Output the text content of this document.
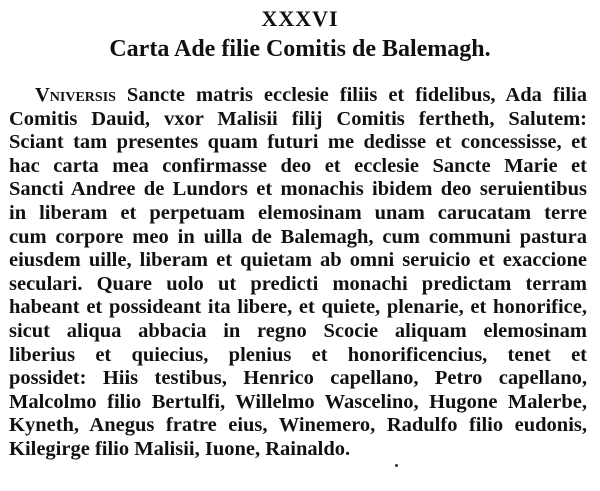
XXXVI
Carta Ade filie Comitis de Balemagh.
Vniversis Sancte matris ecclesie filiis et fidelibus, Ada filia
Comitis Dauid, vxor Malisii filij Comitis fertheth, Salutem:
Sciant tam presentes quam futuri me dedisse et concessisse, et
hac carta mea confirmasse deo et ecclesie Sancte Marie et
Sancti Andree de Lundors et monachis ibidem deo seruientibus
in liberam et perpetuam elemosinam unam carucatam terre
cum corpore meo in uilla de Balemagh, cum communi pastura
eiusdem uille, liberam et quietam ab omni seruicio et exaccione
seculari. Quare uolo ut predicti monachi predictam terram
habeant et possideant ita libere, et quiete, plenarie, et honorifice,
sicut aliqua abbacia in regno Scocie aliquam elemosinam
liberius et quiecius, plenius et honorificencius, tenet et
possidet: Hiis testibus, Henrico capellano, Petro capellano,
Malcolmo filio Bertulfi, Willelmo Wascelino, Hugone Malerbe,
Kyneth, Anegus fratre eius, Winemero, Radulfo filio eudonis,
Kilegirge filio Malisii, Iuone, Rainaldo.
